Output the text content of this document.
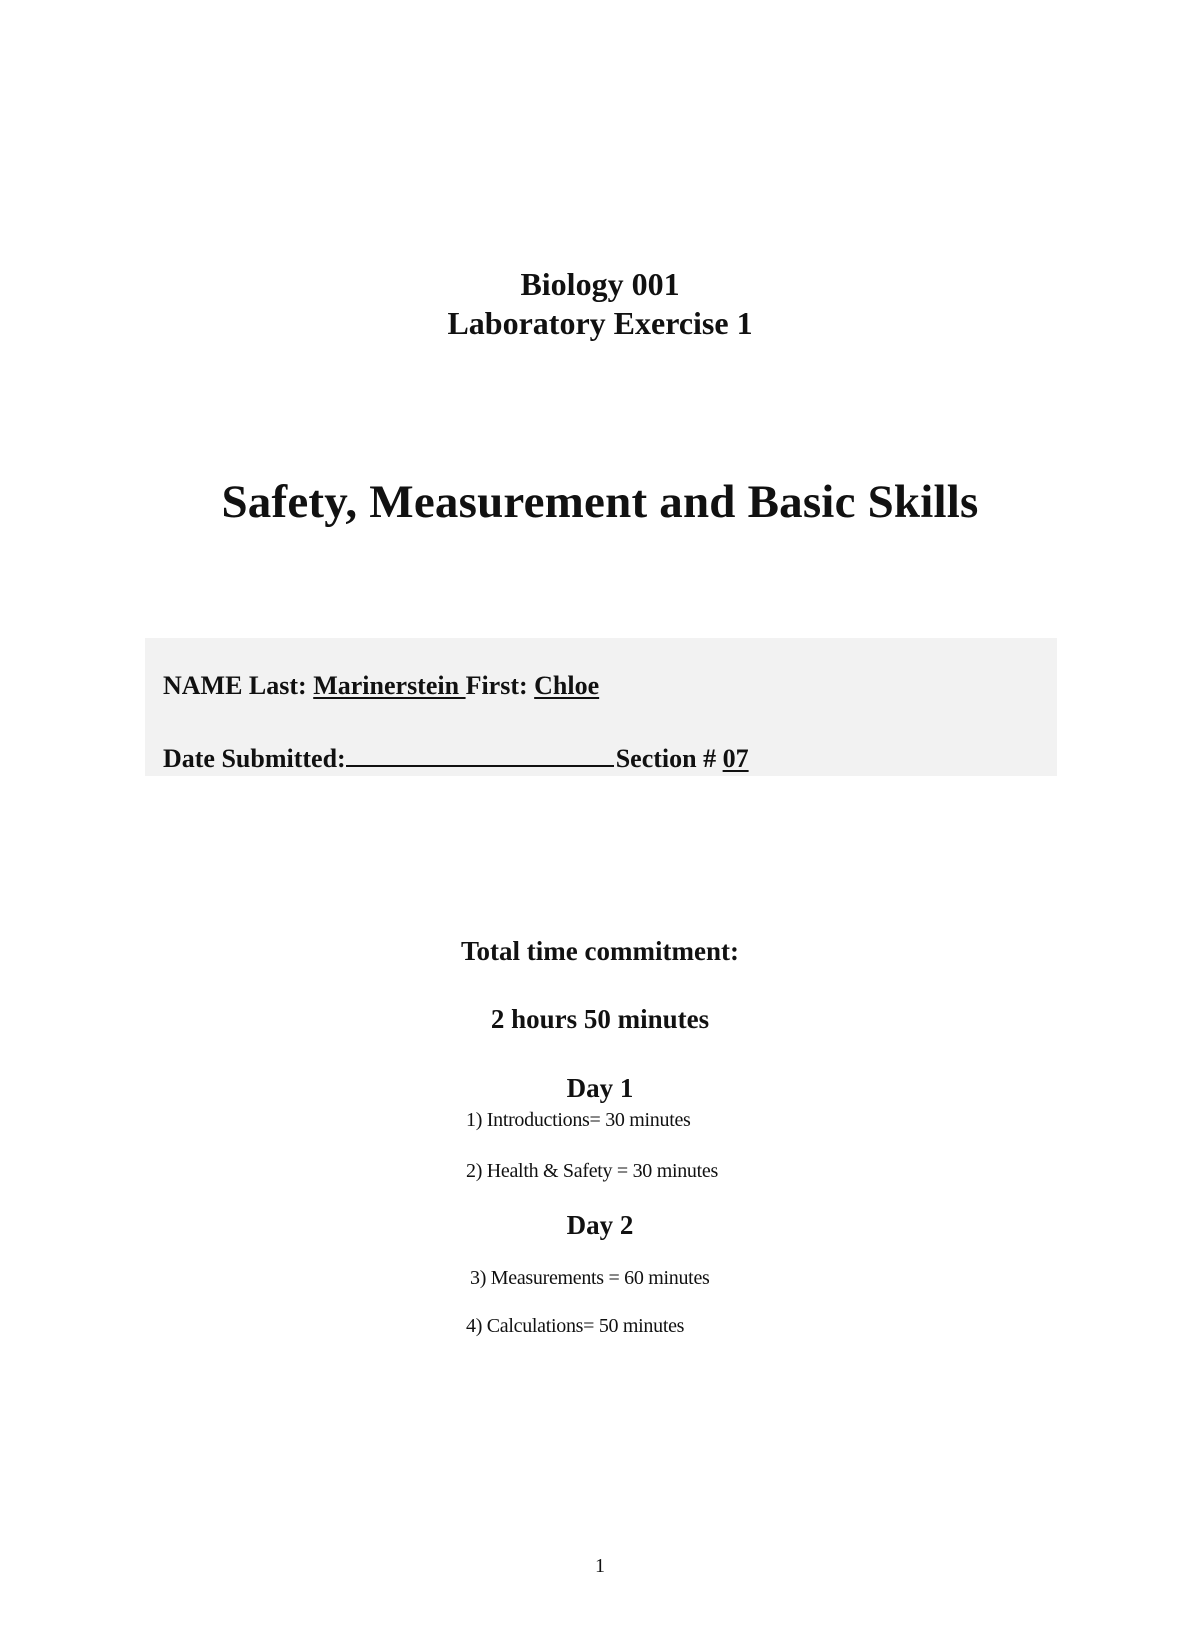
Biology 001
Laboratory Exercise 1
Safety, Measurement and Basic Skills
NAME Last: Marinerstein First: Chloe
Date Submitted:	Section # 07
Total time commitment:
2 hours 50 minutes
Day 1
1) Introductions= 30 minutes
2) Health & Safety = 30 minutes
Day 2
3) Measurements = 60 minutes
4) Calculations= 50 minutes
1
